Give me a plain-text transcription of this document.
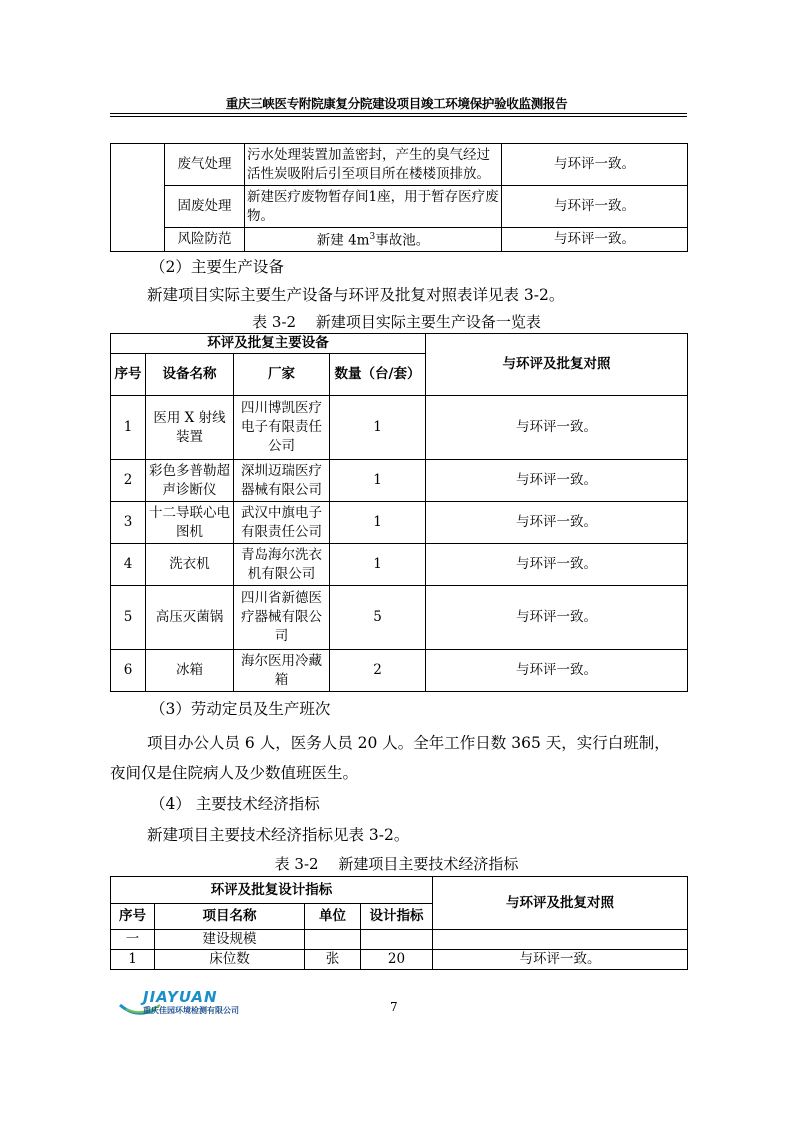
重庆三峡医专附院康复分院建设项目竣工环境保护验收监测报告
	废气处理	污水处理装置加盖密封，产生的臭气经过活性炭吸附后引至项目所在楼楼顶排放。	与环评一致。
	固废处理	新建医疗废物暂存间1座，用于暂存医疗废物。	与环评一致。
	风险防范	新建 $4m^3$事故池。	与环评一致。
（2）主要生产设备
新建项目实际主要生产设备与环评及批复对照表详见表 3-2。
表 3-2　 新建项目实际主要生产设备一览表
环评及批复主要设备				与环评及批复对照
序号	设备名称	厂家	数量（台/套）	
1	医用 X 射线装置	四川博凯医疗电子有限责任公司	1	与环评一致。
2	彩色多普勒超声诊断仪	深圳迈瑞医疗器械有限公司	1	与环评一致。
3	十二导联心电图机	武汉中旗电子有限责任公司	1	与环评一致。
4	洗衣机	青岛海尔洗衣机有限公司	1	与环评一致。
5	高压灭菌锅	四川省新德医疗器械有限公司	5	与环评一致。
6	冰箱	海尔医用冷藏箱	2	与环评一致。
（3）劳动定员及生产班次
项目办公人员 6 人，医务人员 20 人。全年工作日数 365 天，实行白班制，
夜间仅是住院病人及少数值班医生。
（4） 主要技术经济指标
新建项目主要技术经济指标见表 3-2。
表 3-2　 新建项目主要技术经济指标
环评及批复设计指标				与环评及批复对照
序号	项目名称	单位	设计指标	
一	建设规模			
1	床位数	张	20	与环评一致。
JIAYUAN
重庆佳园环境检测有限公司	7
